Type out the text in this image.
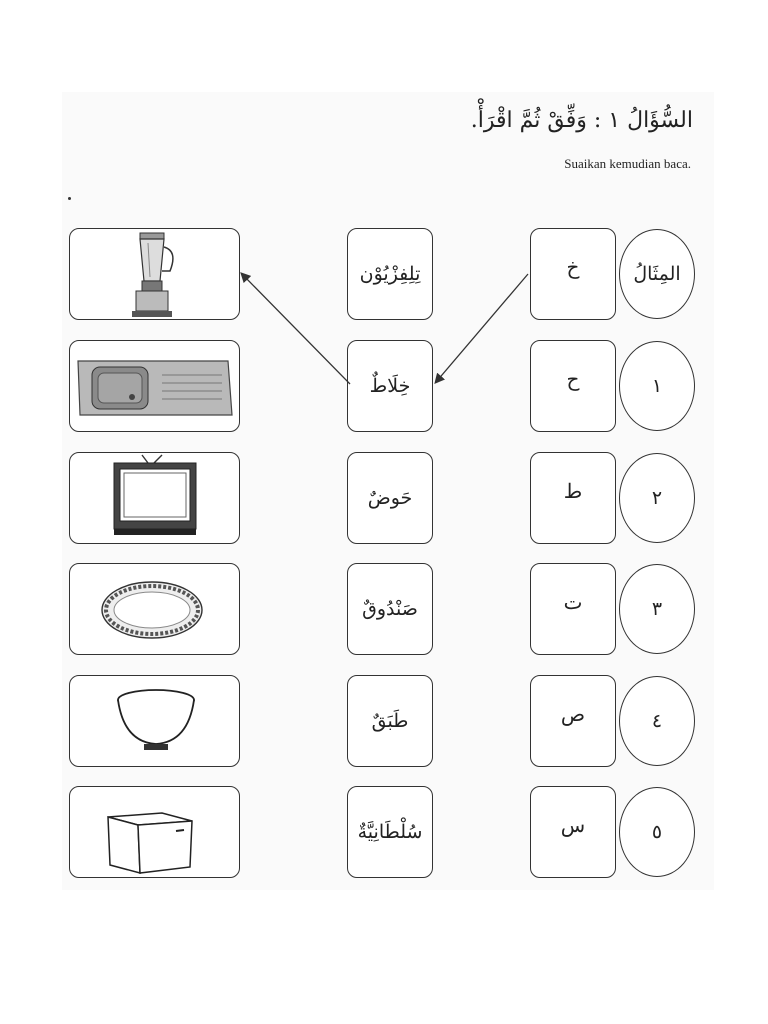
السُّؤَالُ ١ : وَفِّقْ ثُمَّ اقْرَأْ.
Suaikan kemudian baca.
تِلِفِزْيُوْن	خ	المِثَالُ
خِلَاطٌ	ح	١
حَوضٌ	ط	٢
صَنْدُوقٌ	ت	٣
طَبَقٌ	ص	٤
سُلْطَانِيَّةٌ	س	٥
